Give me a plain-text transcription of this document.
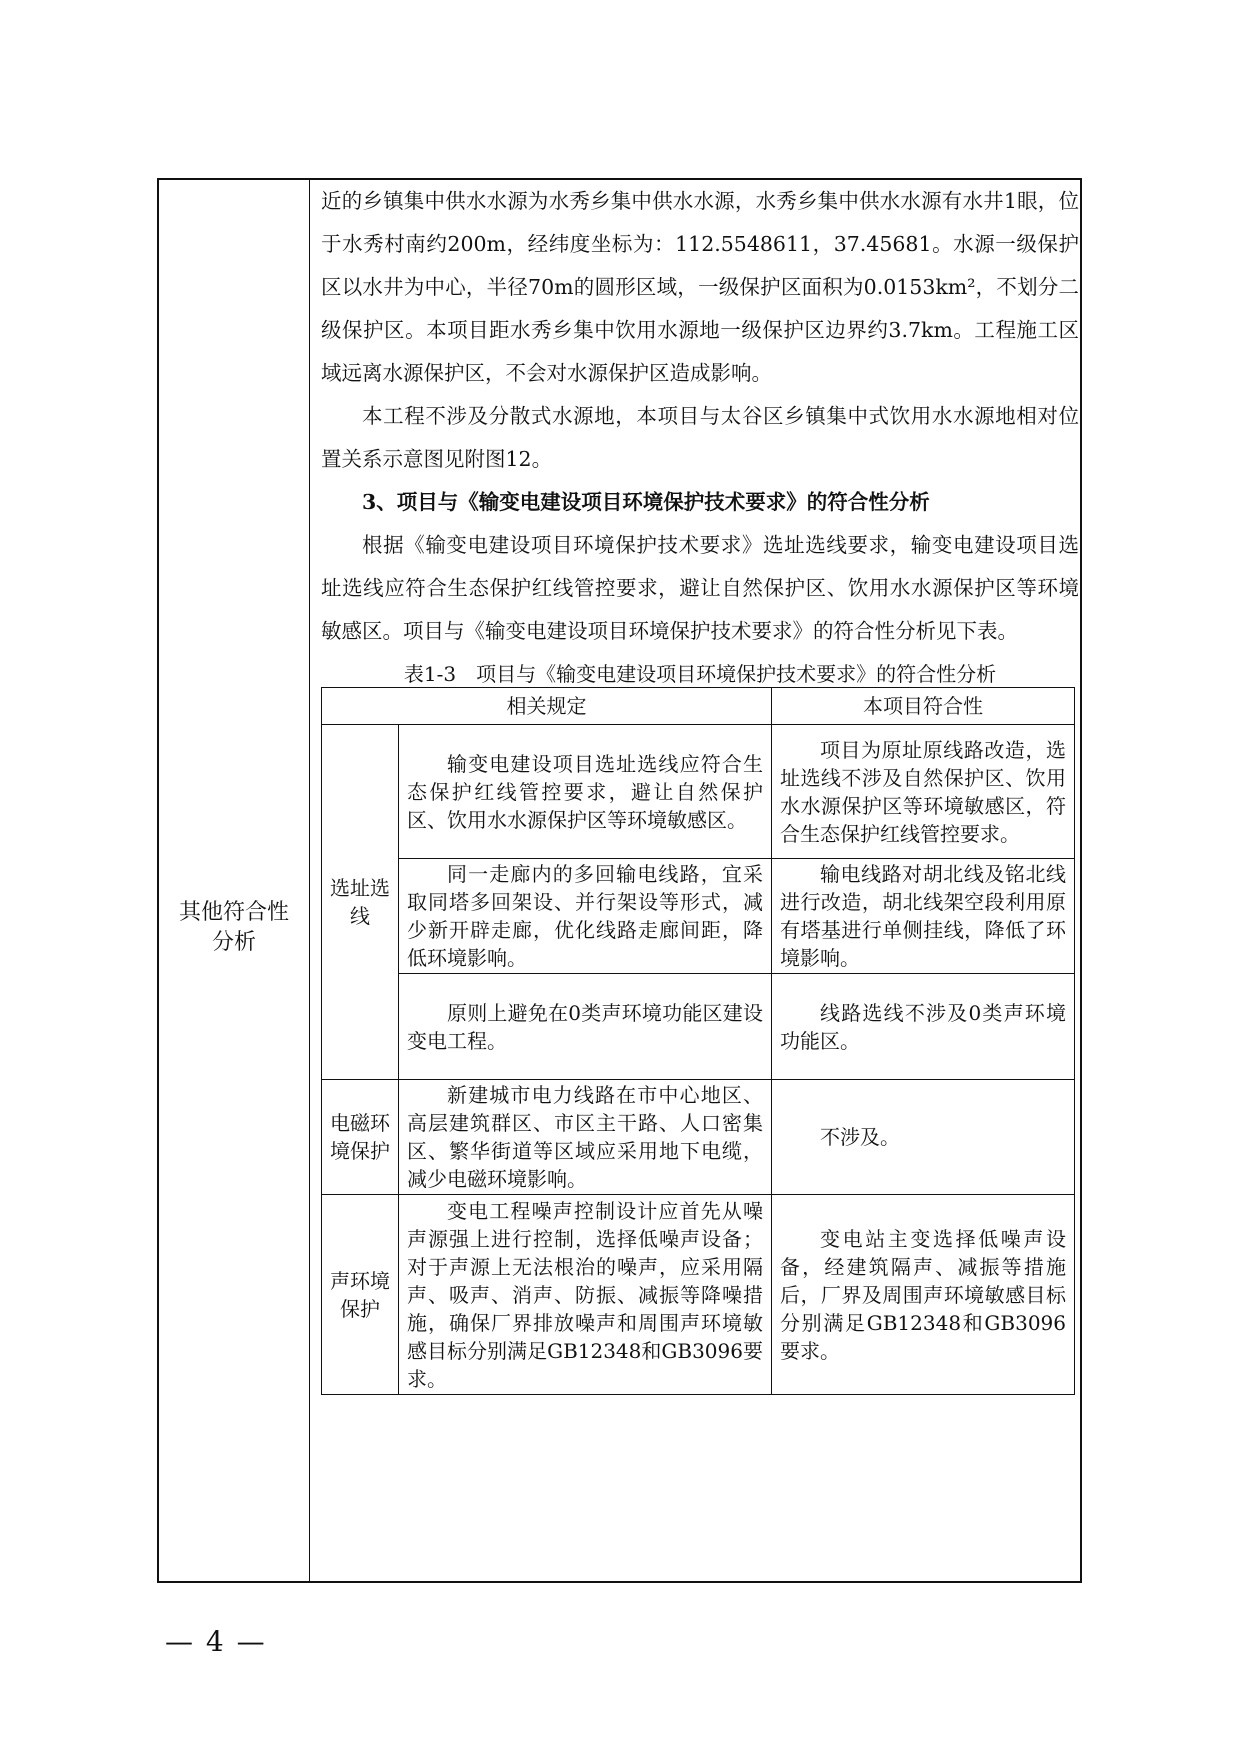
其他符合性分析

近的乡镇集中供水水源为水秀乡集中供水水源，水秀乡集中供水水源有水井1眼，位于水秀村南约200m，经纬度坐标为：112.5548611，37.45681。水源一级保护区以水井为中心，半径70m的圆形区域，一级保护区面积为0.0153km²，不划分二级保护区。本项目距水秀乡集中饮用水源地一级保护区边界约3.7km。工程施工区域远离水源保护区，不会对水源保护区造成影响。

本工程不涉及分散式水源地，本项目与太谷区乡镇集中式饮用水水源地相对位置关系示意图见附图12。

3、项目与《输变电建设项目环境保护技术要求》的符合性分析

根据《输变电建设项目环境保护技术要求》选址选线要求，输变电建设项目选址选线应符合生态保护红线管控要求，避让自然保护区、饮用水水源保护区等环境敏感区。项目与《输变电建设项目环境保护技术要求》的符合性分析见下表。

表1-3　项目与《输变电建设项目环境保护技术要求》的符合性分析
相关规定		本项目符合性
选址选线	输变电建设项目选址选线应符合生态保护红线管控要求，避让自然保护区、饮用水水源保护区等环境敏感区。	项目为原址原线路改造，选址选线不涉及自然保护区、饮用水水源保护区等环境敏感区，符合生态保护红线管控要求。
	同一走廊内的多回输电线路，宜采取同塔多回架设、并行架设等形式，减少新开辟走廊，优化线路走廊间距，降低环境影响。	输电线路对胡北线及铭北线进行改造，胡北线架空段利用原有塔基进行单侧挂线，降低了环境影响。
	原则上避免在0类声环境功能区建设变电工程。	线路选线不涉及0类声环境功能区。
电磁环境保护	新建城市电力线路在市中心地区、高层建筑群区、市区主干路、人口密集区、繁华街道等区域应采用地下电缆，减少电磁环境影响。	不涉及。
声环境保护	变电工程噪声控制设计应首先从噪声源强上进行控制，选择低噪声设备；对于声源上无法根治的噪声，应采用隔声、吸声、消声、防振、减振等降噪措施，确保厂界排放噪声和周围声环境敏感目标分别满足GB12348和GB3096要求。	变电站主变选择低噪声设备，经建筑隔声、减振等措施后，厂界及周围声环境敏感目标分别满足GB12348和GB3096要求。
— 4 —
